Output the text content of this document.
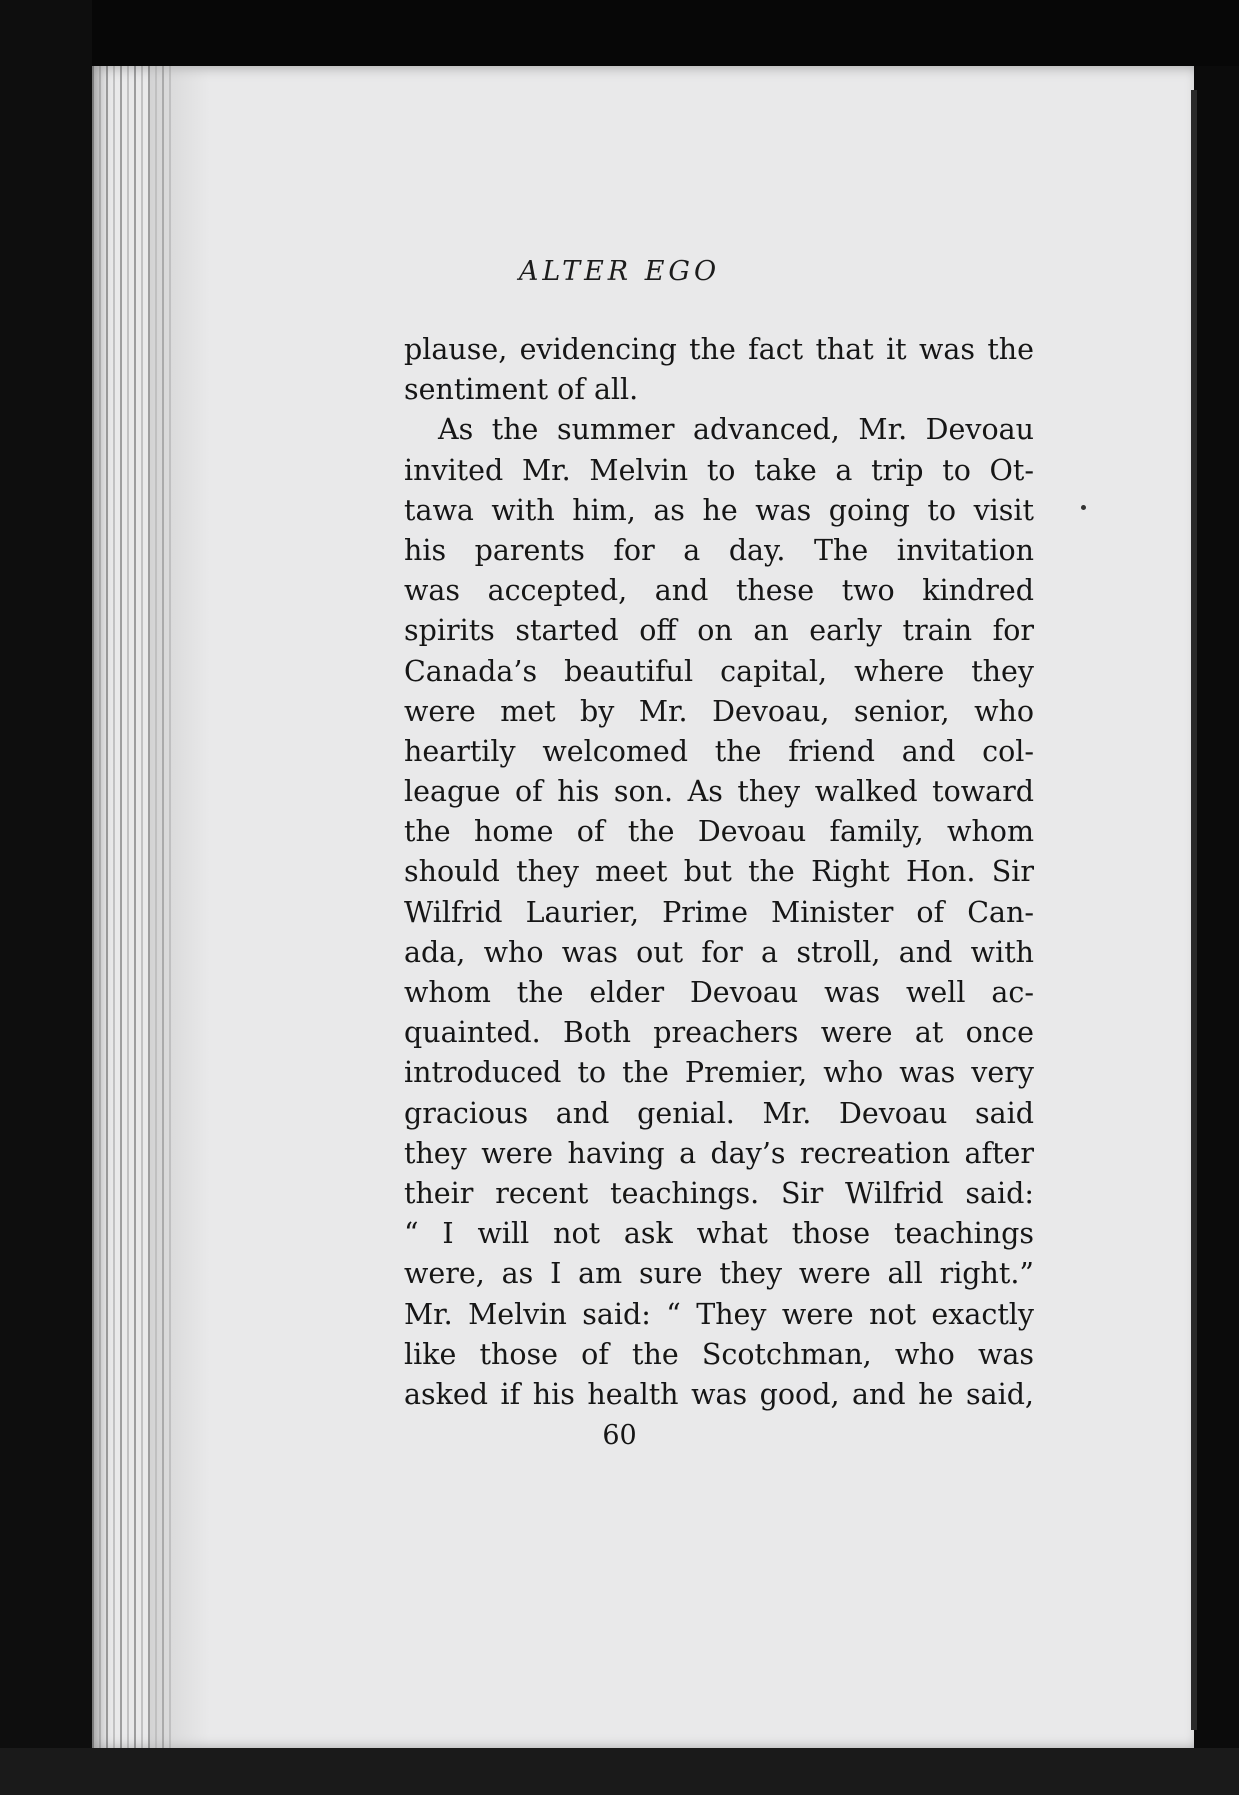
ALTER EGO
plause, evidencing the fact that it was the
sentiment of all.
As the summer advanced, Mr. Devoau
invited Mr. Melvin to take a trip to Ot-
tawa with him, as he was going to visit
his parents for a day. The invitation
was accepted, and these two kindred
spirits started off on an early train for
Canada’s beautiful capital, where they
were met by Mr. Devoau, senior, who
heartily welcomed the friend and col-
league of his son. As they walked toward
the home of the Devoau family, whom
should they meet but the Right Hon. Sir
Wilfrid Laurier, Prime Minister of Can-
ada, who was out for a stroll, and with
whom the elder Devoau was well ac-
quainted. Both preachers were at once
introduced to the Premier, who was very
gracious and genial. Mr. Devoau said
they were having a day’s recreation after
their recent teachings. Sir Wilfrid said:
“ I will not ask what those teachings
were, as I am sure they were all right.”
Mr. Melvin said: “ They were not exactly
like those of the Scotchman, who was
asked if his health was good, and he said,
60
